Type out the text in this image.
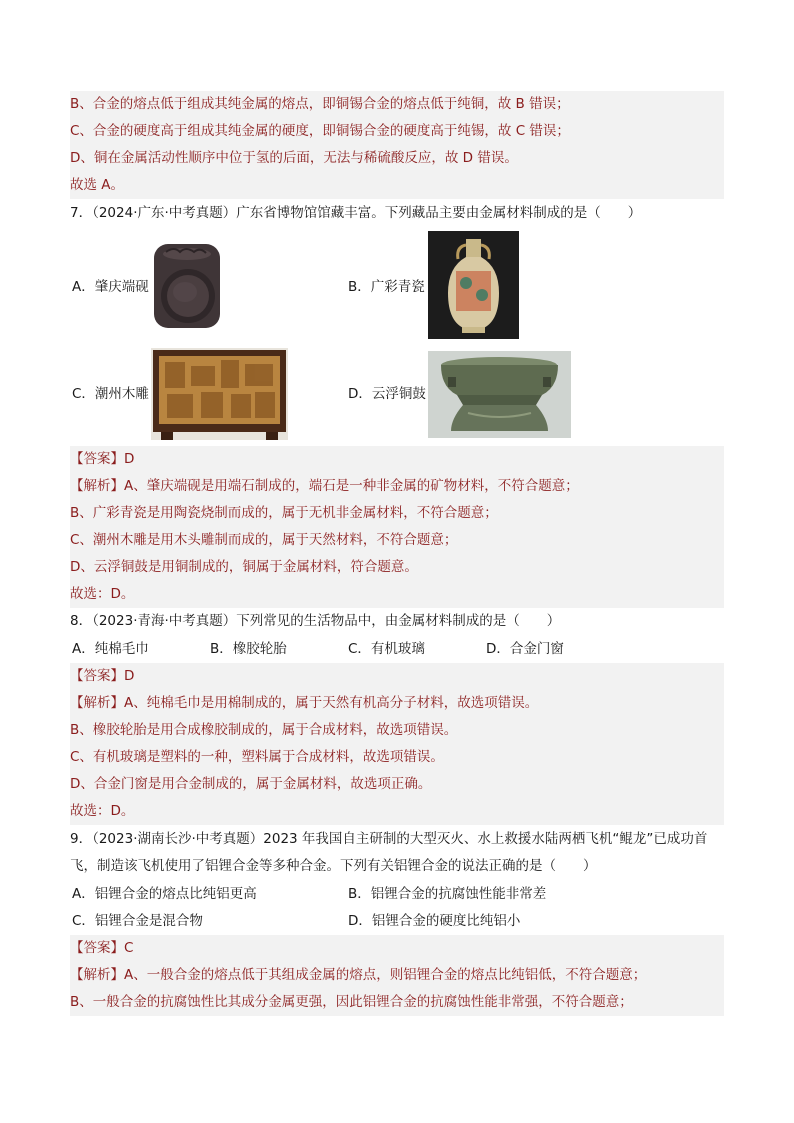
B、合金的熔点低于组成其纯金属的熔点，即铜锡合金的熔点低于纯铜，故 B 错误；
C、合金的硬度高于组成其纯金属的硬度，即铜锡合金的硬度高于纯锡，故 C 错误；
D、铜在金属活动性顺序中位于氢的后面，无法与稀硫酸反应，故 D 错误。
故选 A。
7．（2024·广东·中考真题）广东省博物馆馆藏丰富。下列藏品主要由金属材料制成的是（　　）
A．肇庆端砚	B．广彩青瓷
C．潮州木雕	D．云浮铜鼓
【答案】D
【解析】A、肇庆端砚是用端石制成的，端石是一种非金属的矿物材料，不符合题意；
B、广彩青瓷是用陶瓷烧制而成的，属于无机非金属材料，不符合题意；
C、潮州木雕是用木头雕制而成的，属于天然材料，不符合题意；
D、云浮铜鼓是用铜制成的，铜属于金属材料，符合题意。
故选：D。
8．（2023·青海·中考真题）下列常见的生活物品中，由金属材料制成的是（　　）
A．纯棉毛巾	B．橡胶轮胎	C．有机玻璃	D．合金门窗
【答案】D
【解析】A、纯棉毛巾是用棉制成的，属于天然有机高分子材料，故选项错误。
B、橡胶轮胎是用合成橡胶制成的，属于合成材料，故选项错误。
C、有机玻璃是塑料的一种，塑料属于合成材料，故选项错误。
D、合金门窗是用合金制成的，属于金属材料，故选项正确。
故选：D。
9．（2023·湖南长沙·中考真题）2023 年我国自主研制的大型灭火、水上救援水陆两栖飞机“鲲龙”已成功首
飞，制造该飞机使用了铝锂合金等多种合金。下列有关铝锂合金的说法正确的是（　　）
A．铝锂合金的熔点比纯铝更高	B．铝锂合金的抗腐蚀性能非常差
C．铝锂合金是混合物	D．铝锂合金的硬度比纯铝小
【答案】C
【解析】A、一般合金的熔点低于其组成金属的熔点，则铝锂合金的熔点比纯铝低，不符合题意；
B、一般合金的抗腐蚀性比其成分金属更强，因此铝锂合金的抗腐蚀性能非常强，不符合题意；
